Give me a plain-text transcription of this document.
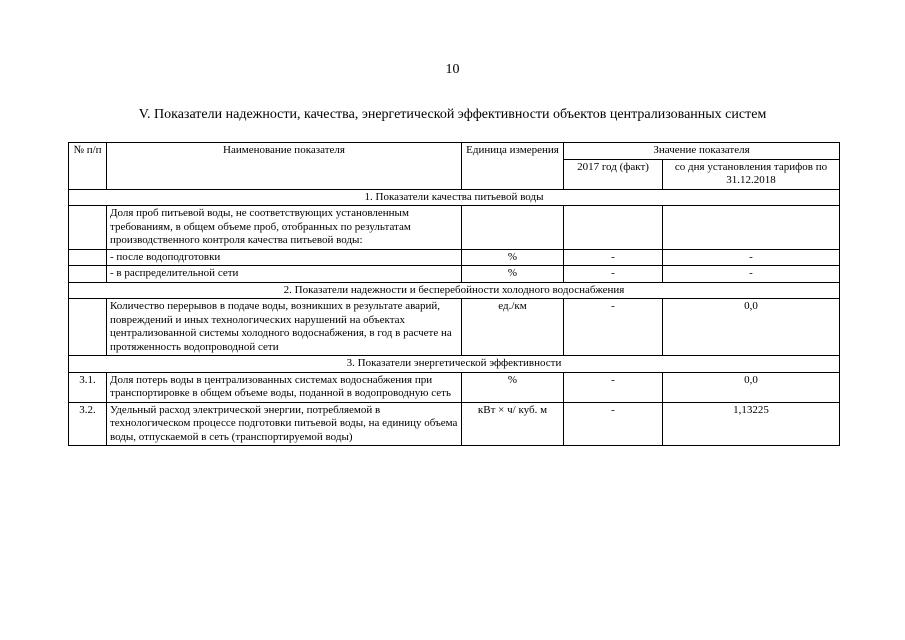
10
V. Показатели надежности, качества, энергетической эффективности объектов централизованных систем
№ п/п	Наименование показателя	Единица измерения	Значение показателя	
			2017 год (факт)	со дня установления тарифов по 31.12.2018
1. Показатели качества питьевой воды				
	Доля проб питьевой воды, не соответствующих установленным требованиям, в общем объеме проб, отобранных по результатам производственного контроля качества питьевой воды:			
	- после водоподготовки	%	-	-
	- в распределительной сети	%	-	-
2. Показатели надежности и бесперебойности холодного водоснабжения				
	Количество перерывов в подаче воды, возникших в результате аварий, повреждений и иных технологических нарушений на объектах централизованной системы холодного водоснабжения, в год в расчете на протяженность водопроводной сети	ед./км	-	0,0
3. Показатели энергетической эффективности				
3.1.	Доля потерь воды в централизованных системах водоснабжения при транспортировке в общем объеме воды, поданной в водопроводную сеть	%	-	0,0
3.2.	Удельный расход электрической энергии, потребляемой в технологическом процессе подготовки питьевой воды, на единицу объема воды, отпускаемой в сеть (транспортируемой воды)	кВт × ч/ куб. м	-	1,13225
